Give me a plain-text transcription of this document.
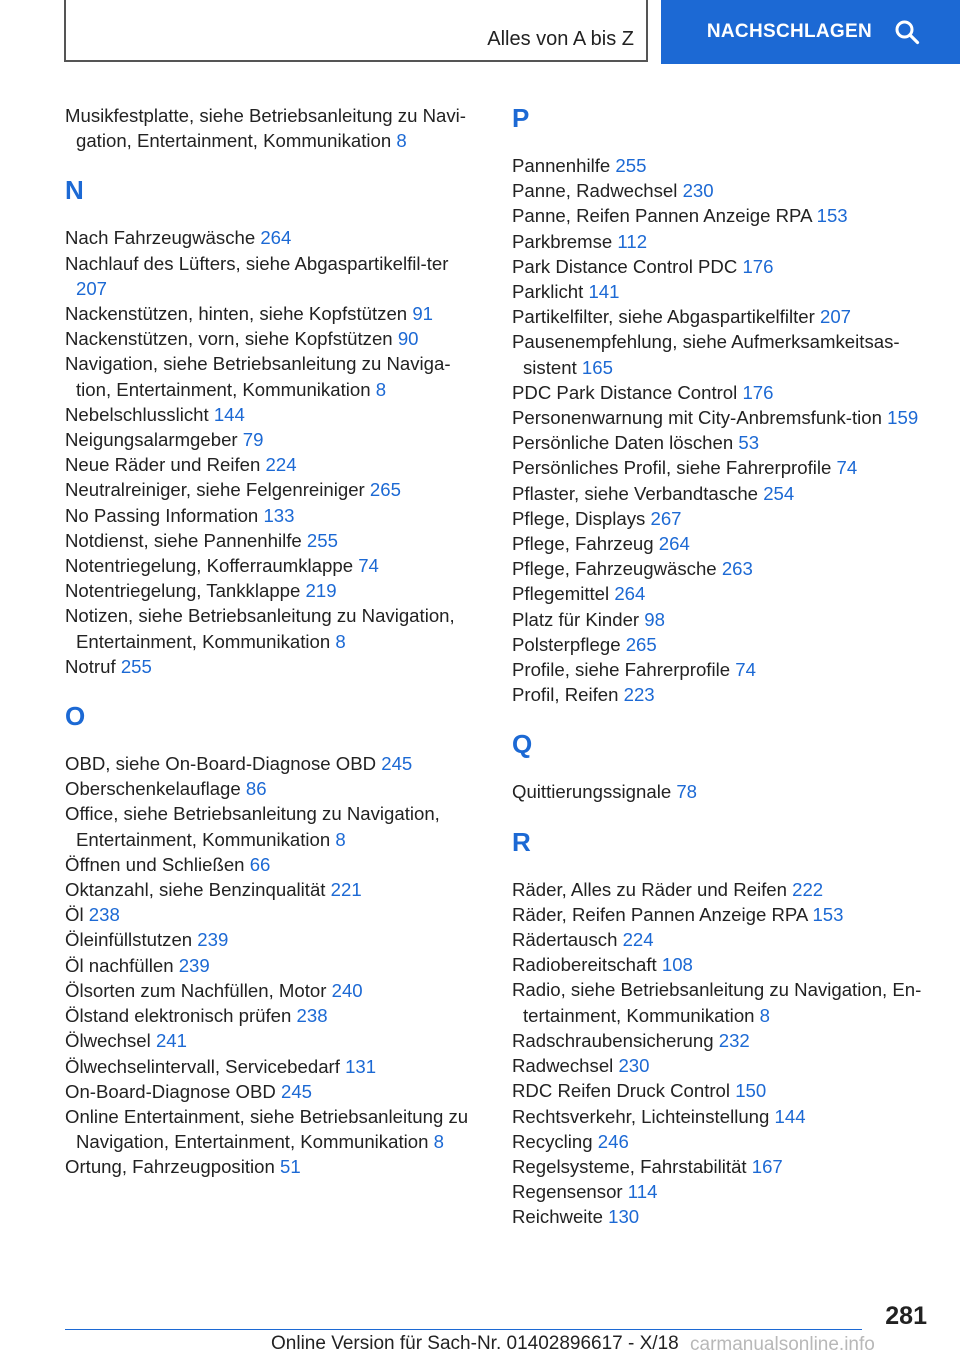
Alles von A bis Z	NACHSCHLAGEN
Musikfestplatte, siehe Betriebsanleitung zu Navi-gation, Entertainment, Kommunikation 8
N
Nach Fahrzeugwäsche 264
Nachlauf des Lüfters, siehe Abgaspartikelfil-ter 207
Nackenstützen, hinten, siehe Kopfstützen 91
Nackenstützen, vorn, siehe Kopfstützen 90
Navigation, siehe Betriebsanleitung zu Naviga-tion, Entertainment, Kommunikation 8
Nebelschlusslicht 144
Neigungsalarmgeber 79
Neue Räder und Reifen 224
Neutralreiniger, siehe Felgenreiniger 265
No Passing Information 133
Notdienst, siehe Pannenhilfe 255
Notentriegelung, Kofferraumklappe 74
Notentriegelung, Tankklappe 219
Notizen, siehe Betriebsanleitung zu Navigation, Entertainment, Kommunikation 8
Notruf 255
O
OBD, siehe On-Board-Diagnose OBD 245
Oberschenkelauflage 86
Office, siehe Betriebsanleitung zu Navigation, Entertainment, Kommunikation 8
Öffnen und Schließen 66
Oktanzahl, siehe Benzinqualität 221
Öl 238
Öleinfüllstutzen 239
Öl nachfüllen 239
Ölsorten zum Nachfüllen, Motor 240
Ölstand elektronisch prüfen 238
Ölwechsel 241
Ölwechselintervall, Servicebedarf 131
On-Board-Diagnose OBD 245
Online Entertainment, siehe Betriebsanleitung zu Navigation, Entertainment, Kommunikation 8
Ortung, Fahrzeugposition 51
P
Pannenhilfe 255
Panne, Radwechsel 230
Panne, Reifen Pannen Anzeige RPA 153
Parkbremse 112
Park Distance Control PDC 176
Parklicht 141
Partikelfilter, siehe Abgaspartikelfilter 207
Pausenempfehlung, siehe Aufmerksamkeitsas-sistent 165
PDC Park Distance Control 176
Personenwarnung mit City-Anbremsfunk-tion 159
Persönliche Daten löschen 53
Persönliches Profil, siehe Fahrerprofile 74
Pflaster, siehe Verbandtasche 254
Pflege, Displays 267
Pflege, Fahrzeug 264
Pflege, Fahrzeugwäsche 263
Pflegemittel 264
Platz für Kinder 98
Polsterpflege 265
Profile, siehe Fahrerprofile 74
Profil, Reifen 223
Q
Quittierungssignale 78
R
Räder, Alles zu Räder und Reifen 222
Räder, Reifen Pannen Anzeige RPA 153
Rädertausch 224
Radiobereitschaft 108
Radio, siehe Betriebsanleitung zu Navigation, En-tertainment, Kommunikation 8
Radschraubensicherung 232
Radwechsel 230
RDC Reifen Druck Control 150
Rechtsverkehr, Lichteinstellung 144
Recycling 246
Regelsysteme, Fahrstabilität 167
Regensensor 114
Reichweite 130
281
Online Version für Sach-Nr. 01402896617 - X/18 carmanualsonline.info
